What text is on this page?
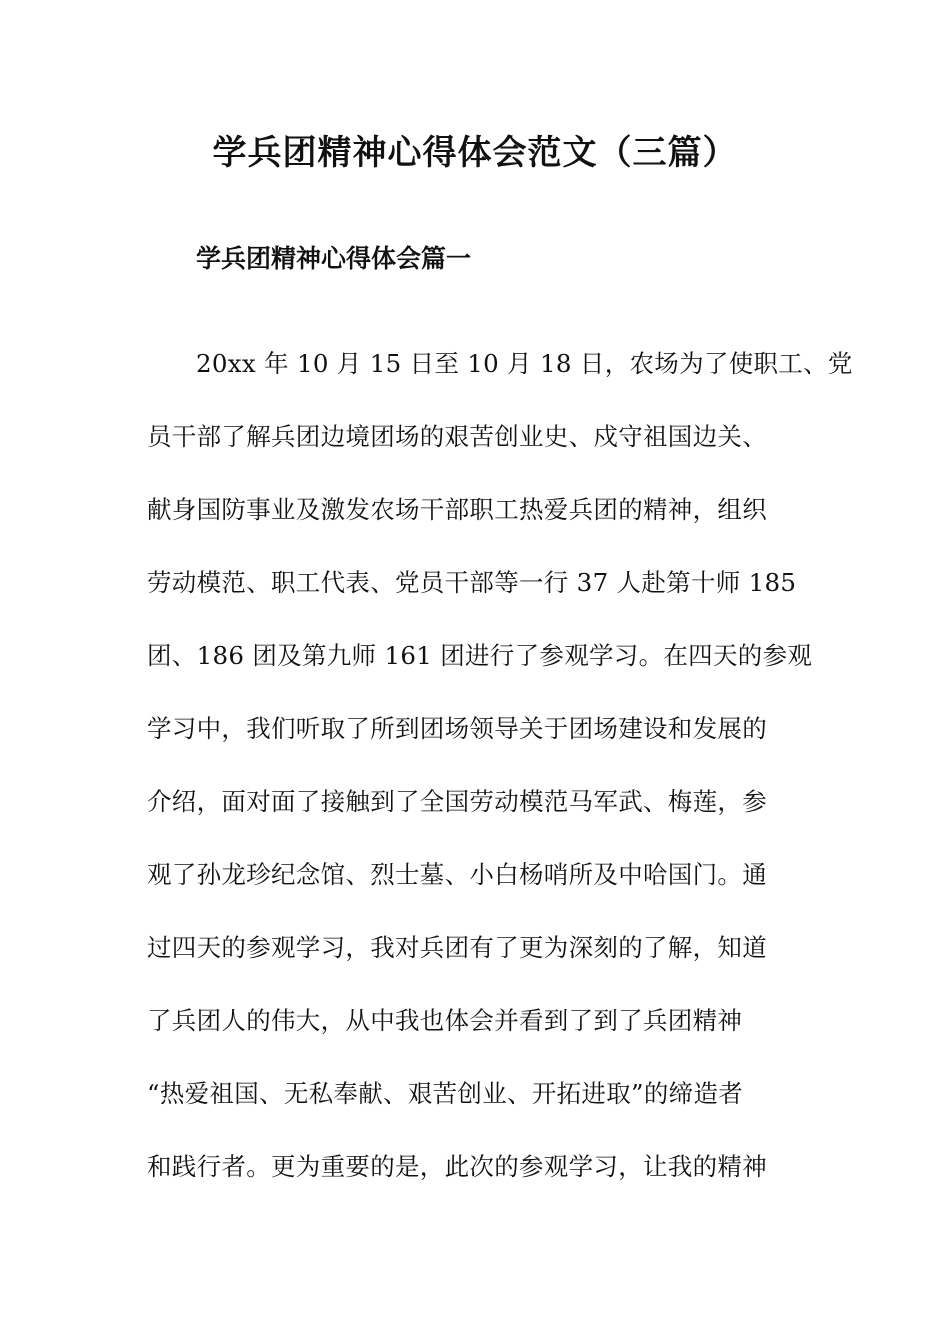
学兵团精神心得体会范文（三篇）
学兵团精神心得体会篇一
20xx 年 10 月 15 日至 10 月 18 日，农场为了使职工、党
员干部了解兵团边境团场的艰苦创业史、戍守祖国边关、
献身国防事业及激发农场干部职工热爱兵团的精神，组织
劳动模范、职工代表、党员干部等一行 37 人赴第十师 185
团、186 团及第九师 161 团进行了参观学习。在四天的参观
学习中，我们听取了所到团场领导关于团场建设和发展的
介绍，面对面了接触到了全国劳动模范马军武、梅莲，参
观了孙龙珍纪念馆、烈士墓、小白杨哨所及中哈国门。通
过四天的参观学习，我对兵团有了更为深刻的了解，知道
了兵团人的伟大，从中我也体会并看到了到了兵团精神
“热爱祖国、无私奉献、艰苦创业、开拓进取”的缔造者
和践行者。更为重要的是，此次的参观学习，让我的精神
